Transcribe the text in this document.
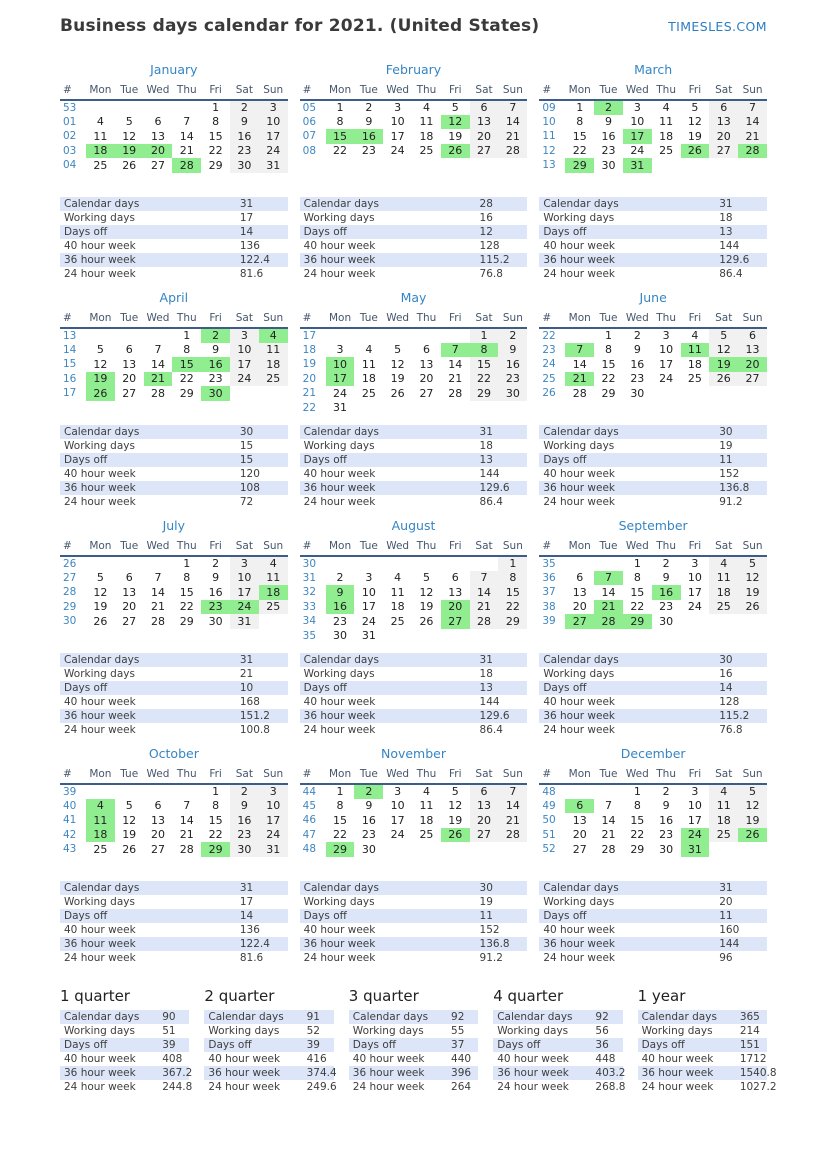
Business days calendar for 2021. (United States)	TIMESLES.COM
January
#	Mon	Tue	Wed	Thu	Fri	Sat	Sun
53					1	2	3
01	4	5	6	7	8	9	10
02	11	12	13	14	15	16	17
03	18	19	20	21	22	23	24
04	25	26	27	28	29	30	31
Calendar days	31
Working days	17
Days off	14
40 hour week	136
36 hour week	122.4
24 hour week	81.6
February
#	Mon	Tue	Wed	Thu	Fri	Sat	Sun
05	1	2	3	4	5	6	7
06	8	9	10	11	12	13	14
07	15	16	17	18	19	20	21
08	22	23	24	25	26	27	28
Calendar days	28
Working days	16
Days off	12
40 hour week	128
36 hour week	115.2
24 hour week	76.8
March
#	Mon	Tue	Wed	Thu	Fri	Sat	Sun
09	1	2	3	4	5	6	7
10	8	9	10	11	12	13	14
11	15	16	17	18	19	20	21
12	22	23	24	25	26	27	28
13	29	30	31				
Calendar days	31
Working days	18
Days off	13
40 hour week	144
36 hour week	129.6
24 hour week	86.4
April
#	Mon	Tue	Wed	Thu	Fri	Sat	Sun
13				1	2	3	4
14	5	6	7	8	9	10	11
15	12	13	14	15	16	17	18
16	19	20	21	22	23	24	25
17	26	27	28	29	30		
Calendar days	30
Working days	15
Days off	15
40 hour week	120
36 hour week	108
24 hour week	72
May
#	Mon	Tue	Wed	Thu	Fri	Sat	Sun
17						1	2
18	3	4	5	6	7	8	9
19	10	11	12	13	14	15	16
20	17	18	19	20	21	22	23
21	24	25	26	27	28	29	30
22	31						
Calendar days	31
Working days	18
Days off	13
40 hour week	144
36 hour week	129.6
24 hour week	86.4
June
#	Mon	Tue	Wed	Thu	Fri	Sat	Sun
22		1	2	3	4	5	6
23	7	8	9	10	11	12	13
24	14	15	16	17	18	19	20
25	21	22	23	24	25	26	27
26	28	29	30				
Calendar days	30
Working days	19
Days off	11
40 hour week	152
36 hour week	136.8
24 hour week	91.2
July
#	Mon	Tue	Wed	Thu	Fri	Sat	Sun
26				1	2	3	4
27	5	6	7	8	9	10	11
28	12	13	14	15	16	17	18
29	19	20	21	22	23	24	25
30	26	27	28	29	30	31	
Calendar days	31
Working days	21
Days off	10
40 hour week	168
36 hour week	151.2
24 hour week	100.8
August
#	Mon	Tue	Wed	Thu	Fri	Sat	Sun
30							1
31	2	3	4	5	6	7	8
32	9	10	11	12	13	14	15
33	16	17	18	19	20	21	22
34	23	24	25	26	27	28	29
35	30	31					
Calendar days	31
Working days	18
Days off	13
40 hour week	144
36 hour week	129.6
24 hour week	86.4
September
#	Mon	Tue	Wed	Thu	Fri	Sat	Sun
35			1	2	3	4	5
36	6	7	8	9	10	11	12
37	13	14	15	16	17	18	19
38	20	21	22	23	24	25	26
39	27	28	29	30			
Calendar days	30
Working days	16
Days off	14
40 hour week	128
36 hour week	115.2
24 hour week	76.8
October
#	Mon	Tue	Wed	Thu	Fri	Sat	Sun
39					1	2	3
40	4	5	6	7	8	9	10
41	11	12	13	14	15	16	17
42	18	19	20	21	22	23	24
43	25	26	27	28	29	30	31
Calendar days	31
Working days	17
Days off	14
40 hour week	136
36 hour week	122.4
24 hour week	81.6
November
#	Mon	Tue	Wed	Thu	Fri	Sat	Sun
44	1	2	3	4	5	6	7
45	8	9	10	11	12	13	14
46	15	16	17	18	19	20	21
47	22	23	24	25	26	27	28
48	29	30					
Calendar days	30
Working days	19
Days off	11
40 hour week	152
36 hour week	136.8
24 hour week	91.2
December
#	Mon	Tue	Wed	Thu	Fri	Sat	Sun
48			1	2	3	4	5
49	6	7	8	9	10	11	12
50	13	14	15	16	17	18	19
51	20	21	22	23	24	25	26
52	27	28	29	30	31		
Calendar days	31
Working days	20
Days off	11
40 hour week	160
36 hour week	144
24 hour week	96
1 quarter
Calendar days	90
Working days	51
Days off	39
40 hour week	408
36 hour week	367.2
24 hour week	244.8
2 quarter
Calendar days	91
Working days	52
Days off	39
40 hour week	416
36 hour week	374.4
24 hour week	249.6
3 quarter
Calendar days	92
Working days	55
Days off	37
40 hour week	440
36 hour week	396
24 hour week	264
4 quarter
Calendar days	92
Working days	56
Days off	36
40 hour week	448
36 hour week	403.2
24 hour week	268.8
1 year
Calendar days	365
Working days	214
Days off	151
40 hour week	1712
36 hour week	1540.8
24 hour week	1027.2
